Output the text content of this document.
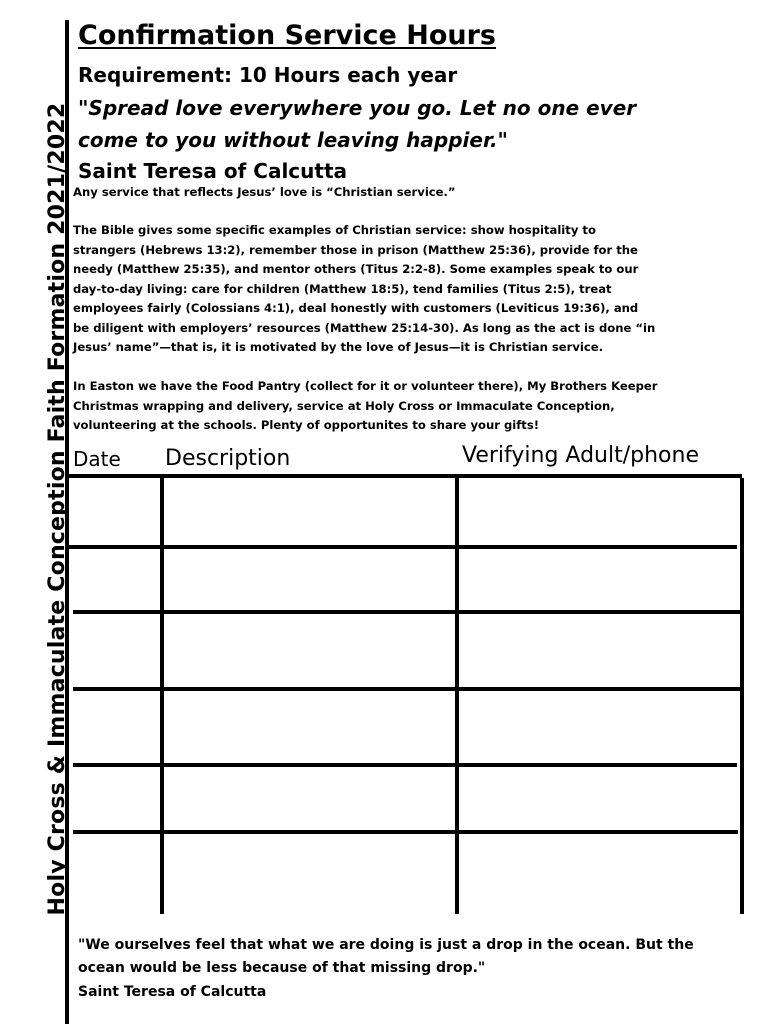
Holy Cross & Immaculate Conception Faith Formation 2021/2022
Confirmation Service Hours
Requirement: 10 Hours each year
"Spread love everywhere you go. Let no one ever come to you without leaving happier."
Saint Teresa of Calcutta
Any service that reflects Jesus’ love is “Christian service.”
The Bible gives some specific examples of Christian service: show hospitality to strangers (Hebrews 13:2), remember those in prison (Matthew 25:36), provide for the needy (Matthew 25:35), and mentor others (Titus 2:2-8). Some examples speak to our day-to-day living: care for children (Matthew 18:5), tend families (Titus 2:5), treat employees fairly (Colossians 4:1), deal honestly with customers (Leviticus 19:36), and be diligent with employers’ resources (Matthew 25:14-30). As long as the act is done “in Jesus’ name”—that is, it is motivated by the love of Jesus—it is Christian service.
In Easton we have the Food Pantry (collect for it or volunteer there), My Brothers Keeper Christmas wrapping and delivery, service at Holy Cross or Immaculate Conception, volunteering at the schools. Plenty of opportunites to share your gifts!
Date Description	Verifying Adult/phone
"We ourselves feel that what we are doing is just a drop in the ocean. But the ocean would be less because of that missing drop."
Saint Teresa of Calcutta
